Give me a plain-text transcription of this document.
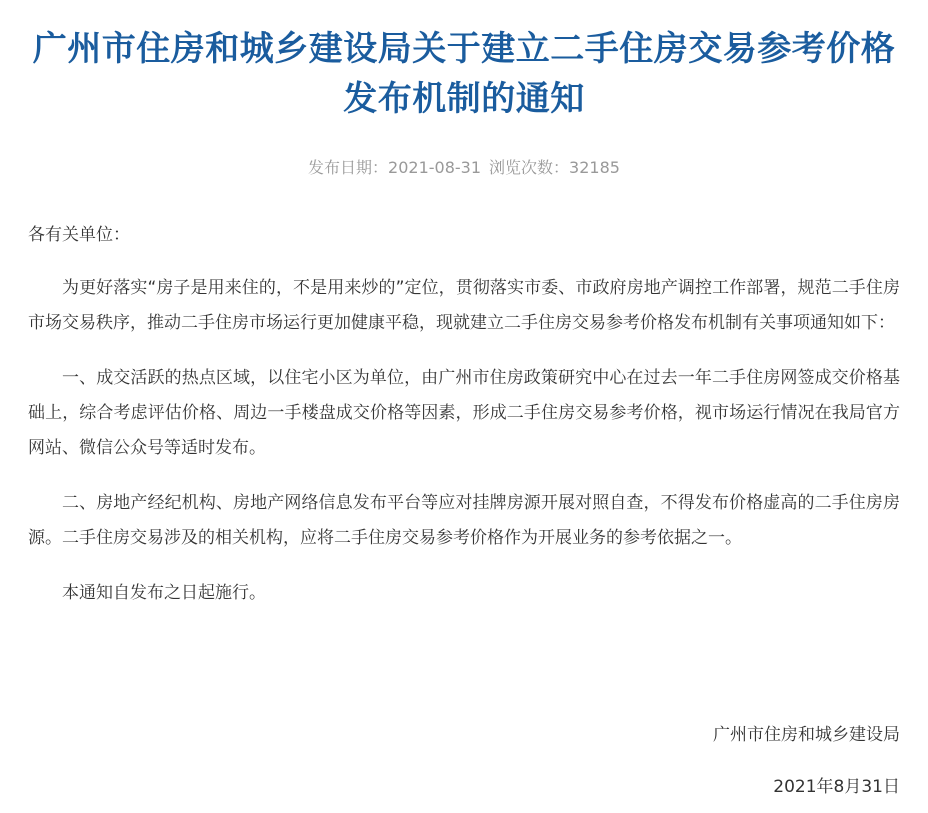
广州市住房和城乡建设局关于建立二手住房交易参考价格发布机制的通知
发布日期：2021-08-31 浏览次数：32185

各有关单位：

为更好落实“房子是用来住的，不是用来炒的”定位，贯彻落实市委、市政府房地产调控工作部署，规范二手住房市场交易秩序，推动二手住房市场运行更加健康平稳，现就建立二手住房交易参考价格发布机制有关事项通知如下：

一、成交活跃的热点区域，以住宅小区为单位，由广州市住房政策研究中心在过去一年二手住房网签成交价格基础上，综合考虑评估价格、周边一手楼盘成交价格等因素，形成二手住房交易参考价格，视市场运行情况在我局官方网站、微信公众号等适时发布。

二、房地产经纪机构、房地产网络信息发布平台等应对挂牌房源开展对照自查，不得发布价格虚高的二手住房房源。二手住房交易涉及的相关机构，应将二手住房交易参考价格作为开展业务的参考依据之一。

本通知自发布之日起施行。

广州市住房和城乡建设局
2021年8月31日
